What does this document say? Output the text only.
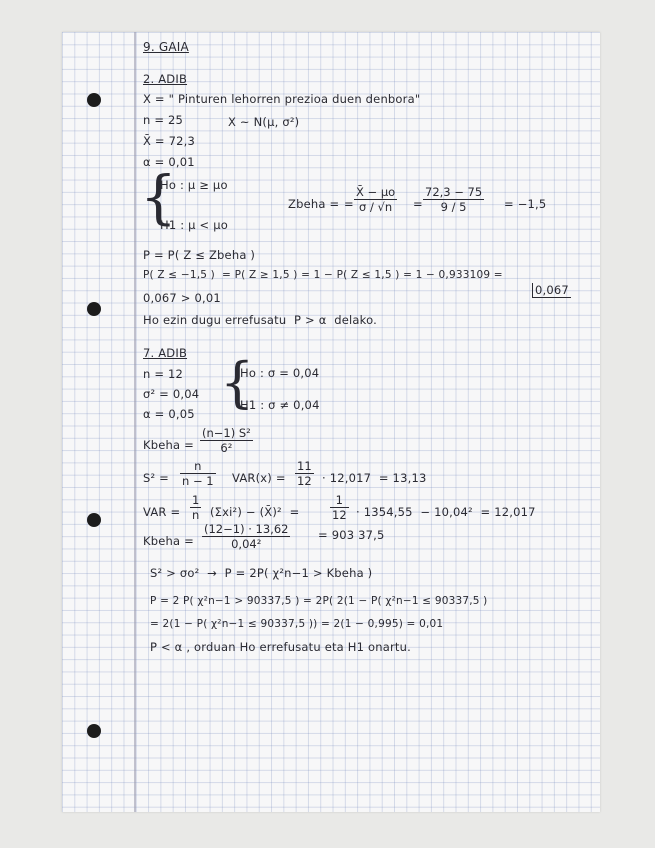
9. GAIA
2. ADIB
X = " Pinturen lehorren prezioa duen denbora"
n = 25	X ~ N(μ, σ²)
X̄ = 72,3
α = 0,01
{
Ho : μ ≥ μo
H1 : μ < μo
Zbeha = = $\frac{X̄ - \mu o}{\sigma / √n} = \frac{72,3 - 75}{9 / 5} = -1,5$
P = P( Z ≤ Zbeha )
P( Z ≤ −1,5 )  = P( Z ≥ 1,5 ) = 1 − P( Z ≤ 1,5 ) = 1 − 0,933109 =
0,067
0,067 > 0,01
Ho ezin dugu errefusatu  P > α  delako.
7. ADIB
n = 12
σ² = 0,04
α = 0,05 {
Ho : σ = 0,04
H1 : σ ≠ 0,04
Kbeha = $\frac{\text{(n−1) S²}}{\text{6²}}$
$S^2 = \frac{n}{n - 1} VAR(x) = \frac{11}{12} \cdot 12,017 = 13,13$
VAR = $\frac{1}{n} (\Sigma xi^2)$ − (X̄)²  =	$\frac{1}{12} \cdot 1354,55 - 10,04^2 = 12,017$
Kbeha = $\frac{(12-1) \cdot 13,62}{\text{0,04²}} = 903$ 37,5
S² > σo²  →  P = 2P( χ²n−1 > Kbeha )
P = 2 P( χ²n−1 > 90337,5 ) = 2P( 2(1 − P( χ²n−1 ≤ 90337,5 )
= 2(1 − P( χ²n−1 ≤ 90337,5 )) = 2(1 − 0,995) = 0,01
P < α , orduan Ho errefusatu eta H1 onartu.
